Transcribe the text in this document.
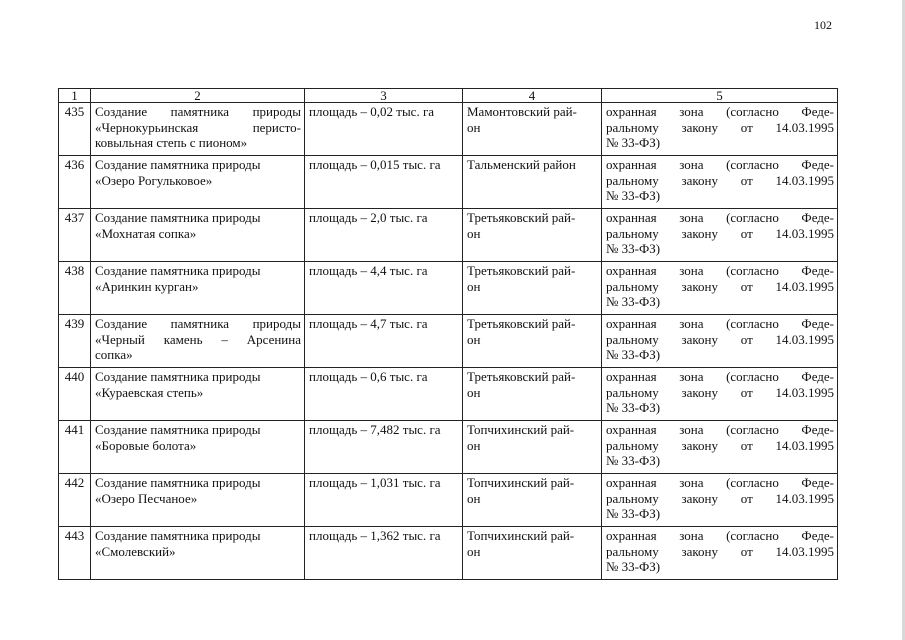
102
1	2	3	4	5
435	Создание памятника природы
«Чернокурьинская перисто-
ковыльная степь с пионом»	площадь – 0,02 тыс. га	Мамонтовский рай-
он	охранная зона (согласно Феде-
ральному закону от 14.03.1995
№ 33-ФЗ)

436	Создание памятника природы
«Озеро Рогульковое»	площадь – 0,015 тыс. га	Тальменский район	охранная зона (согласно Феде-
ральному закону от 14.03.1995
№ 33-ФЗ)

437	Создание памятника природы
«Мохнатая сопка»	площадь – 2,0 тыс. га	Третьяковский рай-
он	охранная зона (согласно Феде-
ральному закону от 14.03.1995
№ 33-ФЗ)

438	Создание памятника природы
«Аринкин курган»	площадь – 4,4 тыс. га	Третьяковский рай-
он	охранная зона (согласно Феде-
ральному закону от 14.03.1995
№ 33-ФЗ)

439	Создание памятника природы
«Черный камень – Арсенина
сопка»	площадь – 4,7 тыс. га	Третьяковский рай-
он	охранная зона (согласно Феде-
ральному закону от 14.03.1995
№ 33-ФЗ)

440	Создание памятника природы
«Кураевская степь»	площадь – 0,6 тыс. га	Третьяковский рай-
он	охранная зона (согласно Феде-
ральному закону от 14.03.1995
№ 33-ФЗ)

441	Создание памятника природы
«Боровые болота»	площадь – 7,482 тыс. га	Топчихинский рай-
он	охранная зона (согласно Феде-
ральному закону от 14.03.1995
№ 33-ФЗ)

442	Создание памятника природы
«Озеро Песчаное»	площадь – 1,031 тыс. га	Топчихинский рай-
он	охранная зона (согласно Феде-
ральному закону от 14.03.1995
№ 33-ФЗ)

443	Создание памятника природы
«Смолевский»	площадь – 1,362 тыс. га	Топчихинский рай-
он	охранная зона (согласно Феде-
ральному закону от 14.03.1995
№ 33-ФЗ)
